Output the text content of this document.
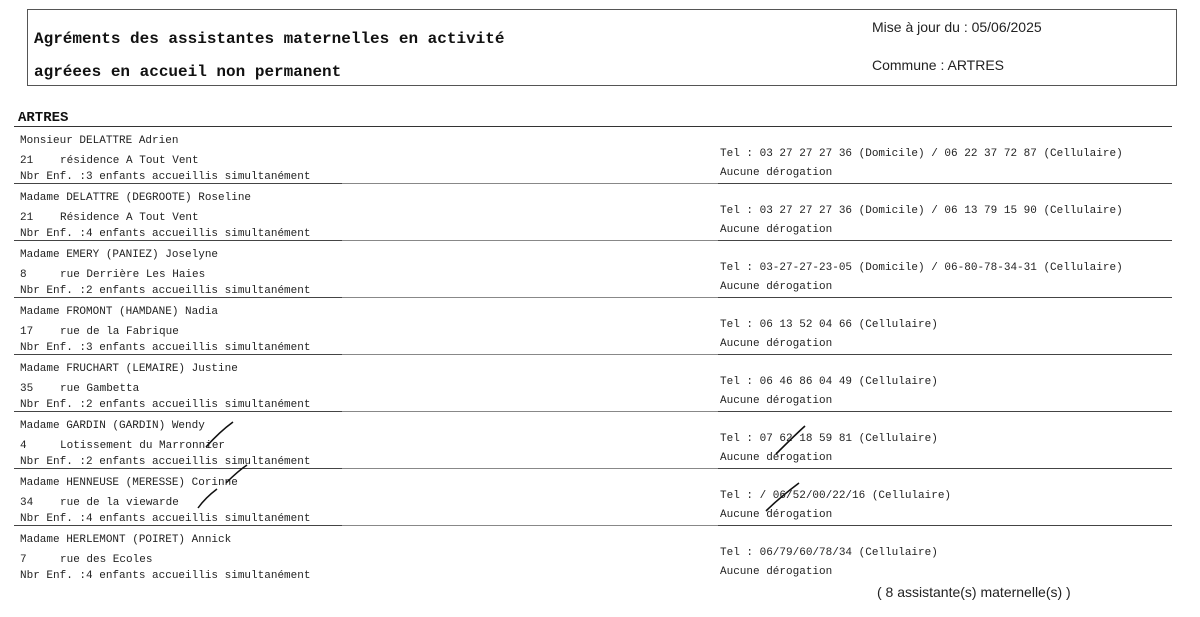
Agréments des assistantes maternelles en activité
agréees en accueil non permanent
Mise à jour du : 05/06/2025
Commune : ARTRES
ARTRES
Monsieur DELATTRE Adrien
21 résidence A Tout Vent
Nbr Enf. :3 enfants accueillis simultanément
Tel : 03 27 27 27 36 (Domicile) / 06 22 37 72 87 (Cellulaire)
Aucune dérogation
Madame DELATTRE (DEGROOTE) Roseline
21 Résidence A Tout Vent
Nbr Enf. :4 enfants accueillis simultanément
Tel : 03 27 27 27 36 (Domicile) / 06 13 79 15 90 (Cellulaire)
Aucune dérogation
Madame EMERY (PANIEZ) Joselyne
8	rue Derrière Les Haies
Nbr Enf. :2 enfants accueillis simultanément
Tel : 03-27-27-23-05 (Domicile) / 06-80-78-34-31 (Cellulaire)
Aucune dérogation
Madame FROMONT (HAMDANE) Nadia
17 rue de la Fabrique
Nbr Enf. :3 enfants accueillis simultanément
Tel : 06 13 52 04 66 (Cellulaire)
Aucune dérogation
Madame FRUCHART (LEMAIRE) Justine
35 rue Gambetta
Nbr Enf. :2 enfants accueillis simultanément
Tel : 06 46 86 04 49 (Cellulaire)
Aucune dérogation
Madame GARDIN (GARDIN) Wendy
4	Lotissement du Marronnier
Nbr Enf. :2 enfants accueillis simultanément
Tel : 07 62 18 59 81 (Cellulaire)
Aucune dérogation
Madame HENNEUSE (MERESSE) Corinne
34 rue de la viewarde
Nbr Enf. :4 enfants accueillis simultanément
Tel : / 06/52/00/22/16 (Cellulaire)
Aucune dérogation
Madame HERLEMONT (POIRET) Annick
7	rue des Ecoles
Nbr Enf. :4 enfants accueillis simultanément
Tel : 06/79/60/78/34 (Cellulaire)
Aucune dérogation
( 8 assistante(s) maternelle(s) )
